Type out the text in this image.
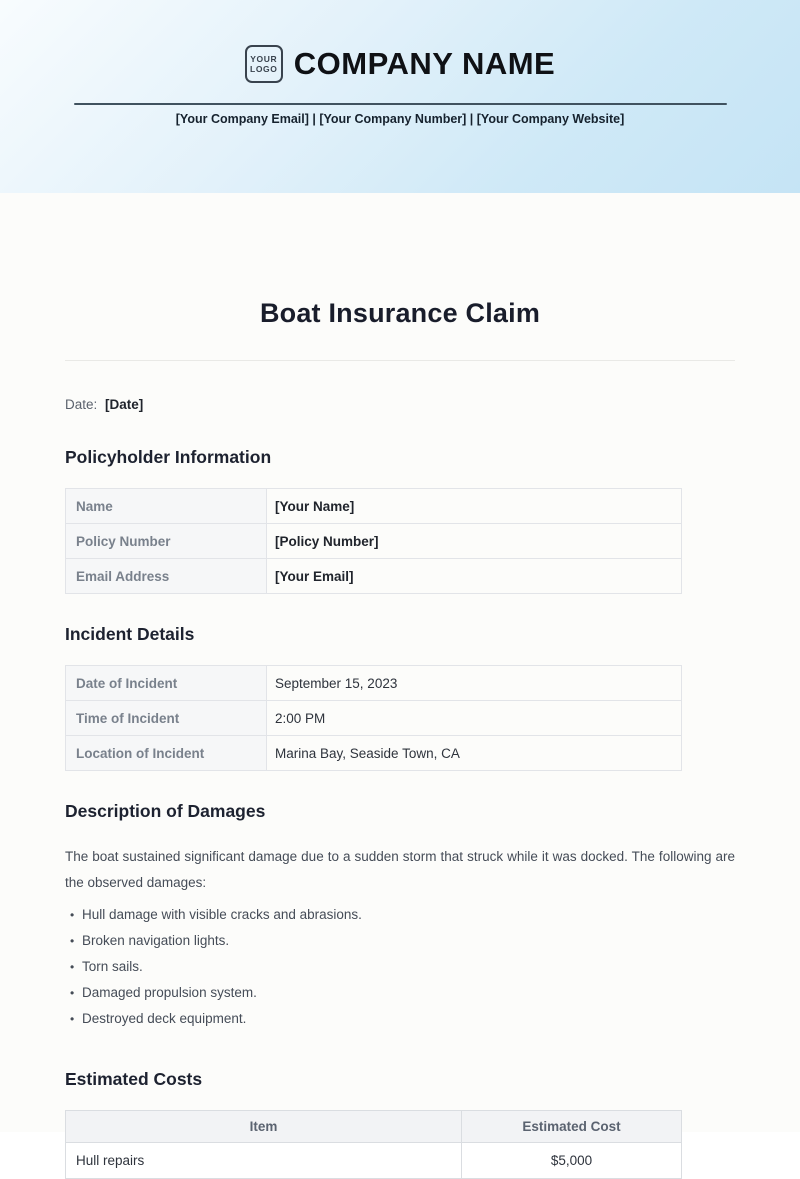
YOUR
LOGO COMPANY NAME
[Your Company Email] | [Your Company Number] | [Your Company Website]
Boat Insurance Claim
Date: [Date]
Policyholder Information
Name	[Your Name]
Policy Number	[Policy Number]
Email Address	[Your Email]
Incident Details
Date of Incident	September 15, 2023
Time of Incident	2:00 PM
Location of Incident	Marina Bay, Seaside Town, CA
Description of Damages

The boat sustained significant damage due to a sudden storm that struck while it was docked. The following are the observed damages:

• Hull damage with visible cracks and abrasions.
• Broken navigation lights.
• Torn sails.
• Damaged propulsion system.
• Destroyed deck equipment.
Estimated Costs
Item	Estimated Cost
Hull repairs	$5,000
